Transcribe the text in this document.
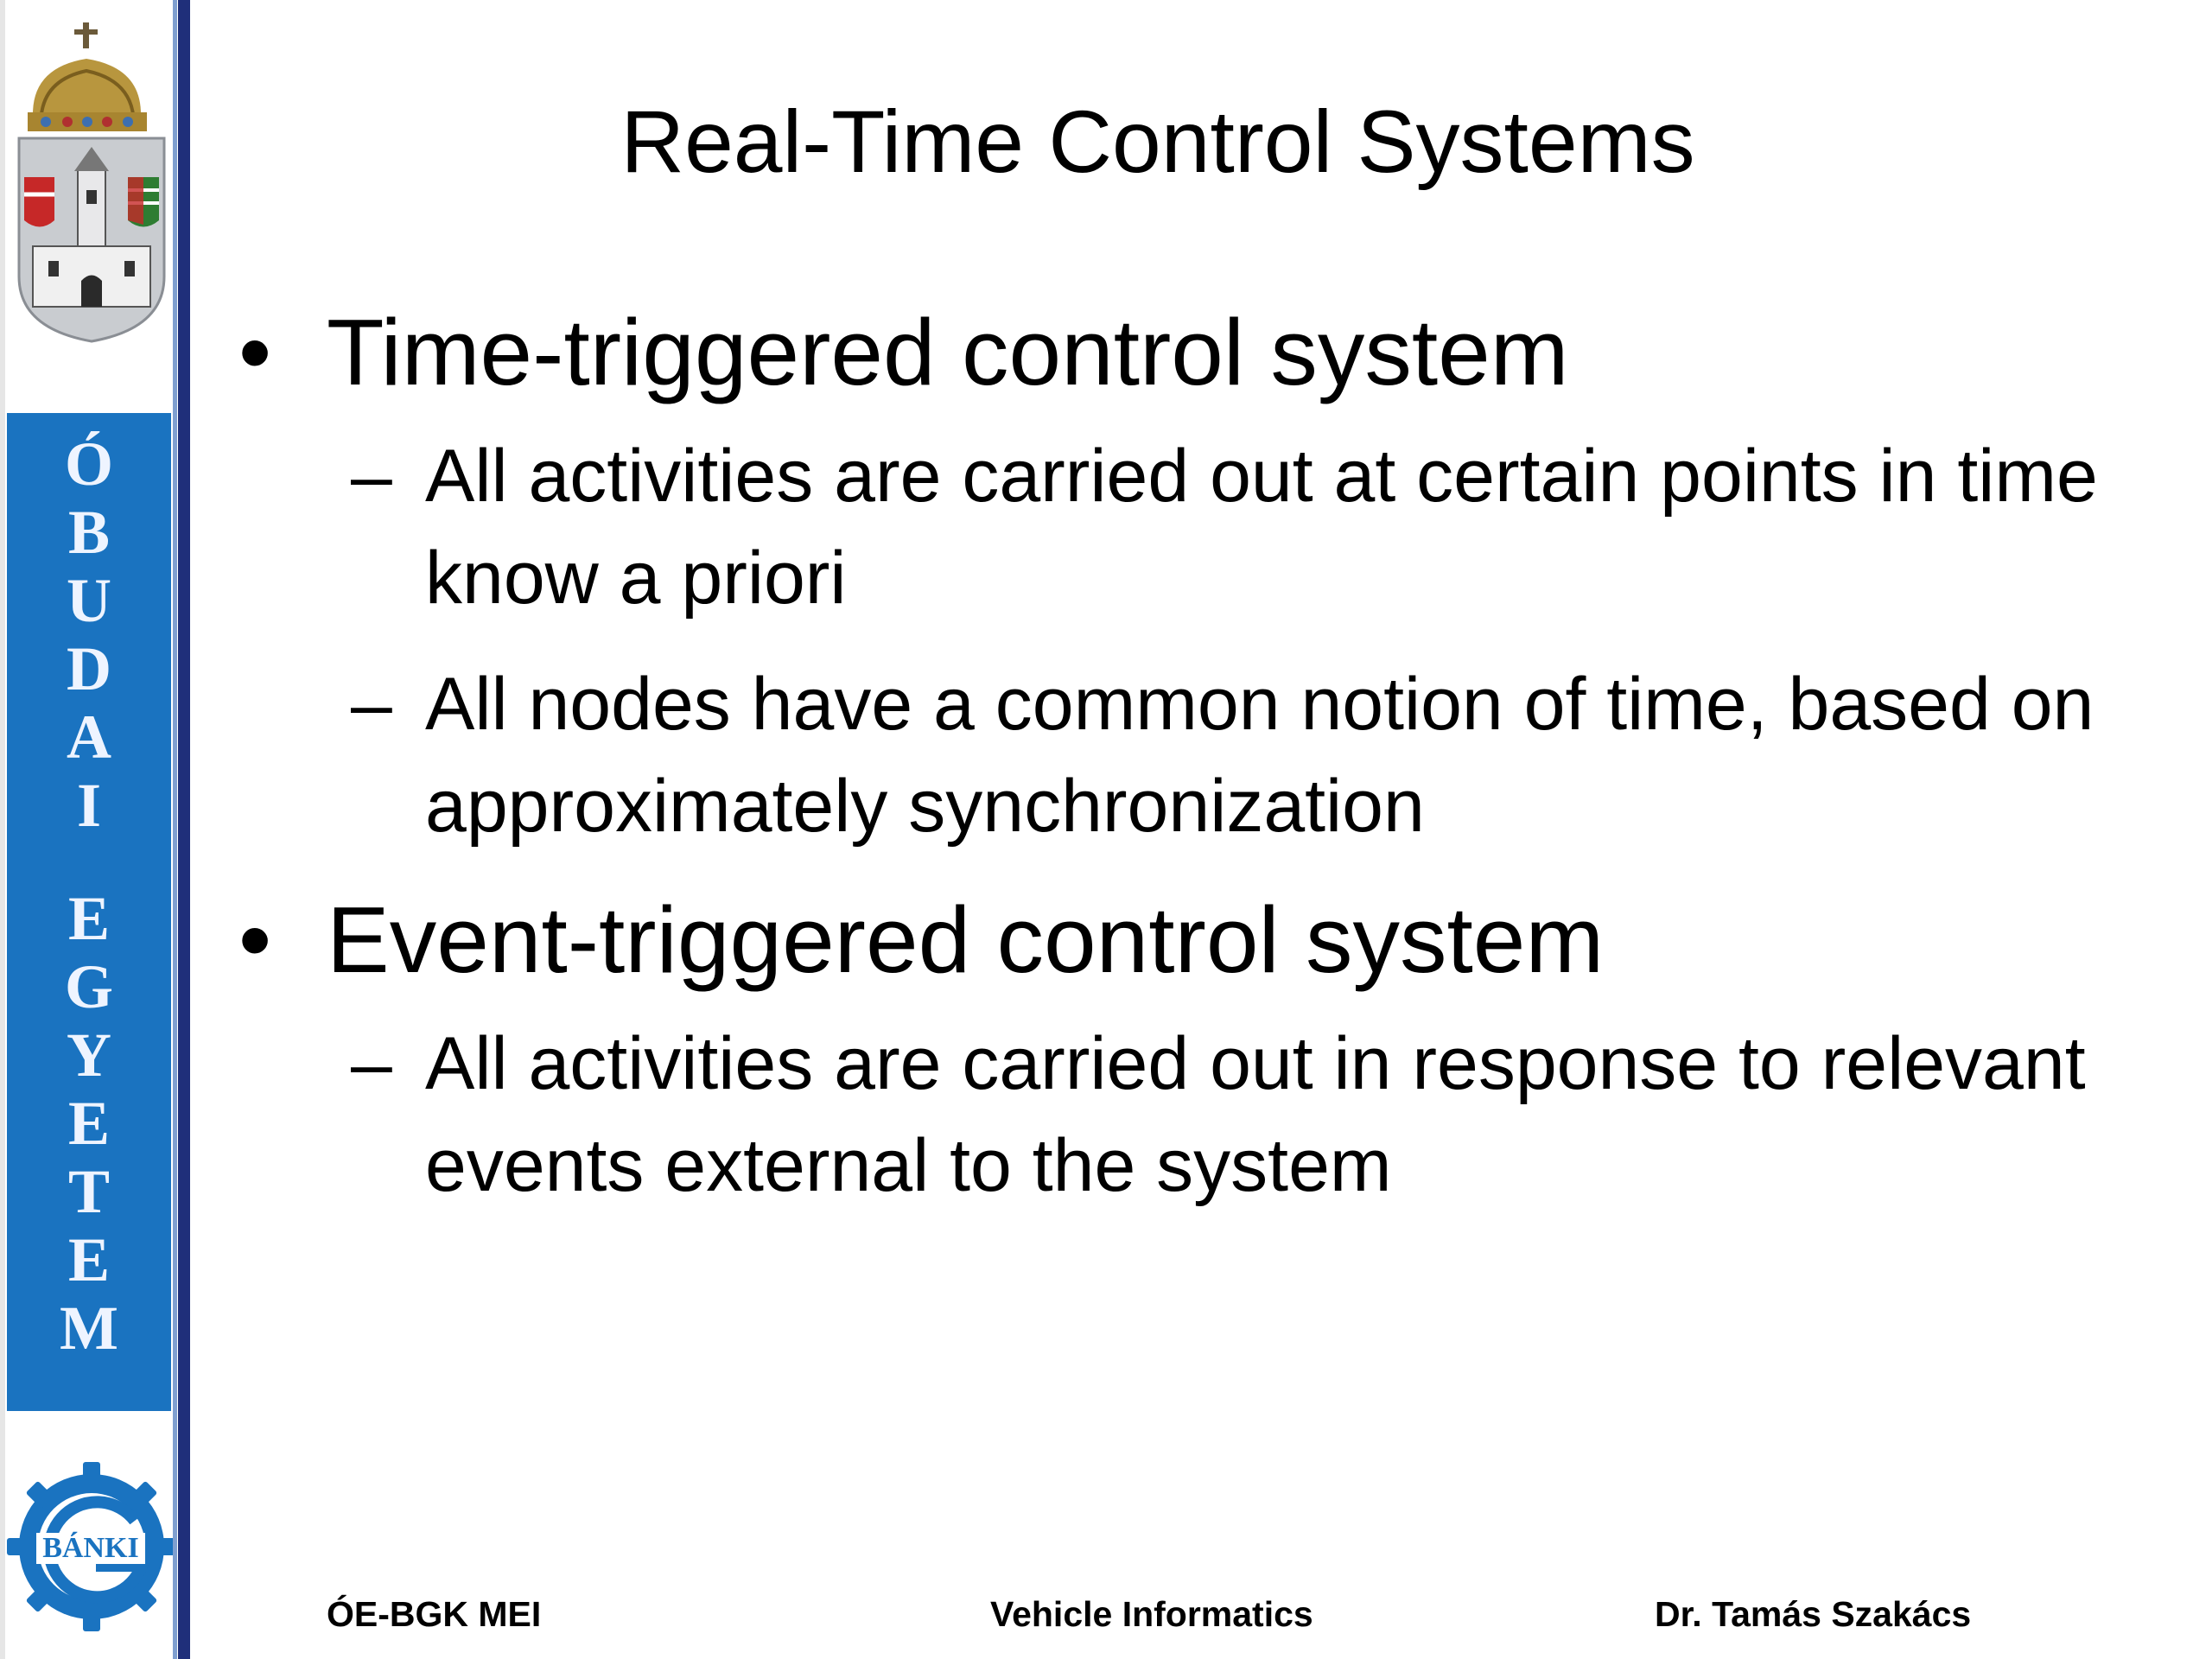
Ó
B
U
D
A
I
E
G
Y
E
T
E
M
BÁNKI
Real-Time Control Systems
• Time-triggered control system
– All activities are carried out at certain points in time know a priori
– All nodes have a common notion of time, based on approximately synchronization
• Event-triggered control system
– All activities are carried out in response to relevant events external to the system
ÓE-BGK MEI	Vehicle Informatics	Dr. Tamás Szakács
